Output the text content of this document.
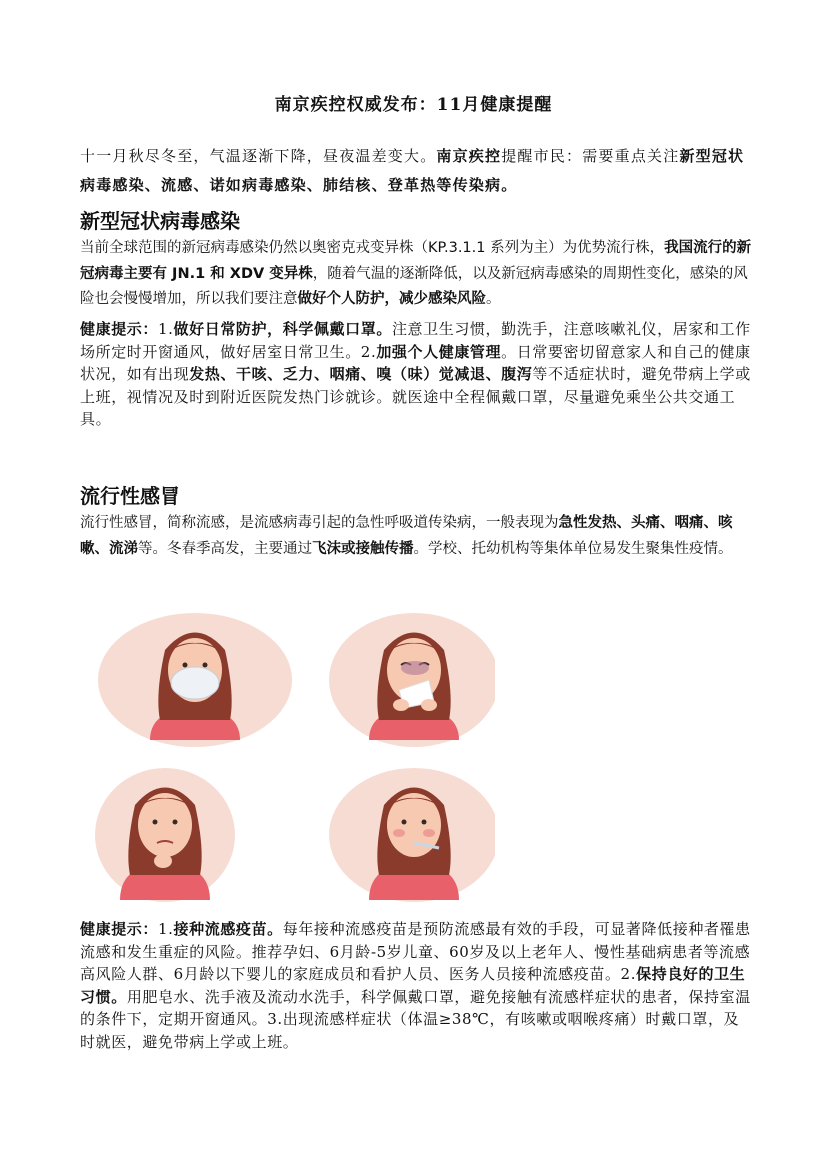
南京疾控权威发布：11月健康提醒
十一月秋尽冬至，气温逐渐下降，昼夜温差变大。南京疾控提醒市民：需要重点关注新型冠状病毒感染、流感、诺如病毒感染、肺结核、登革热等传染病。
新型冠状病毒感染
当前全球范围的新冠病毒感染仍然以奥密克戎变异株（KP.3.1.1 系列为主）为优势流行株，我国流行的新冠病毒主要有 JN.1 和 XDV 变异株，随着气温的逐渐降低，以及新冠病毒感染的周期性变化，感染的风险也会慢慢增加，所以我们要注意做好个人防护，减少感染风险。
健康提示：1.做好日常防护，科学佩戴口罩。注意卫生习惯，勤洗手，注意咳嗽礼仪，居家和工作场所定时开窗通风，做好居室日常卫生。2.加强个人健康管理。日常要密切留意家人和自己的健康状况，如有出现发热、干咳、乏力、咽痛、嗅（味）觉减退、腹泻等不适症状时，避免带病上学或上班，视情况及时到附近医院发热门诊就诊。就医途中全程佩戴口罩，尽量避免乘坐公共交通工具。
流行性感冒
流行性感冒，简称流感，是流感病毒引起的急性呼吸道传染病，一般表现为急性发热、头痛、咽痛、咳嗽、流涕等。冬春季高发，主要通过飞沫或接触传播。学校、托幼机构等集体单位易发生聚集性疫情。
健康提示：1.接种流感疫苗。每年接种流感疫苗是预防流感最有效的手段，可显著降低接种者罹患流感和发生重症的风险。推荐孕妇、6月龄-5岁儿童、60岁及以上老年人、慢性基础病患者等流感高风险人群、6月龄以下婴儿的家庭成员和看护人员、医务人员接种流感疫苗。2.保持良好的卫生习惯。用肥皂水、洗手液及流动水洗手，科学佩戴口罩，避免接触有流感样症状的患者，保持室温的条件下，定期开窗通风。3.出现流感样症状（体温≥38℃，有咳嗽或咽喉疼痛）时戴口罩，及时就医，避免带病上学或上班。
